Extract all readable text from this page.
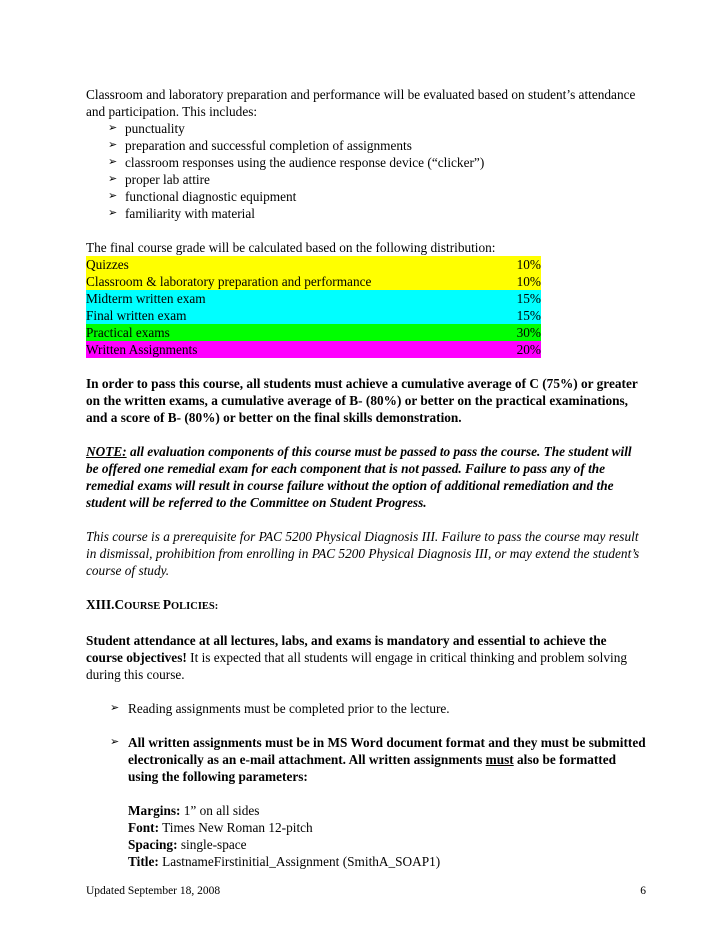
Classroom and laboratory preparation and performance will be evaluated based on student’s attendance and participation. This includes:

➢ punctuality
➢ preparation and successful completion of assignments
➢ classroom responses using the audience response device (“clicker”)
➢ proper lab attire
➢ functional diagnostic equipment
➢ familiarity with material

The final course grade will be calculated based on the following distribution:

Quizzes	10%
Classroom & laboratory preparation and performance	10%
Midterm written exam	15%
Final written exam	15%
Practical exams	30%
Written Assignments	20%

In order to pass this course, all students must achieve a cumulative average of C (75%) or greater on the written exams, a cumulative average of B- (80%) or better on the practical examinations, and a score of B- (80%) or better on the final skills demonstration.

NOTE: all evaluation components of this course must be passed to pass the course. The student will be offered one remedial exam for each component that is not passed. Failure to pass any of the remedial exams will result in course failure without the option of additional remediation and the student will be referred to the Committee on Student Progress.

This course is a prerequisite for PAC 5200 Physical Diagnosis III. Failure to pass the course may result in dismissal, prohibition from enrolling in PAC 5200 Physical Diagnosis III, or may extend the student’s course of study.

XIII.COURSE POLICIES:

Student attendance at all lectures, labs, and exams is mandatory and essential to achieve the course objectives! It is expected that all students will engage in critical thinking and problem solving during this course.

➢ Reading assignments must be completed prior to the lecture.
➢ All written assignments must be in MS Word document format and they must be submitted electronically as an e-mail attachment. All written assignments must also be formatted using the following parameters:

Margins: 1” on all sides

Font: Times New Roman 12-pitch

Spacing: single-space

Title: LastnameFirstinitial_Assignment (SmithA_SOAP1)

Updated September 18, 2008	6
